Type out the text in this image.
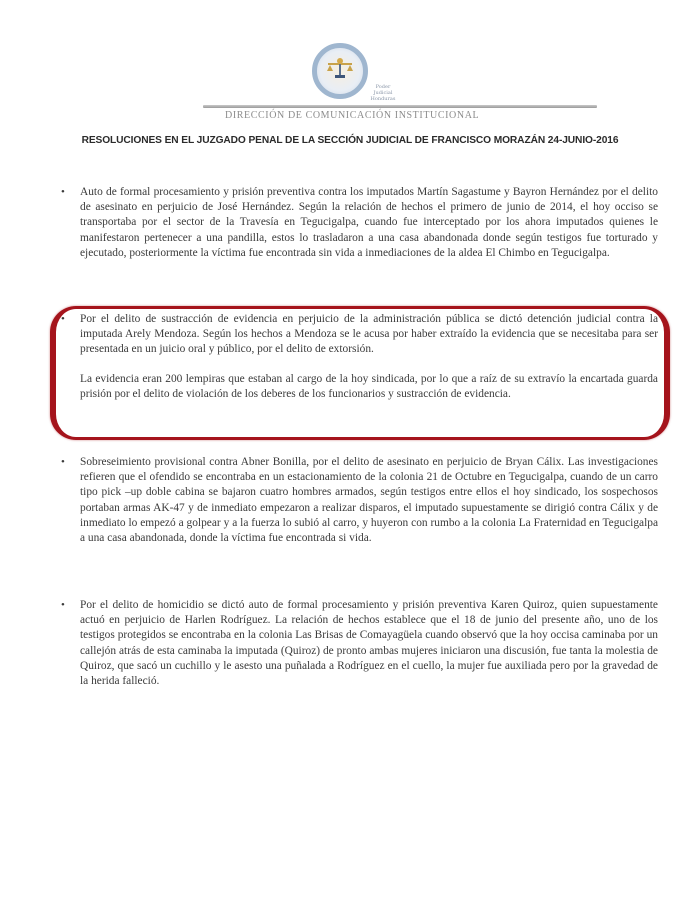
Poder Judicial Honduras
DIRECCIÓN DE COMUNICACIÓN INSTITUCIONAL
RESOLUCIONES EN EL JUZGADO PENAL DE LA SECCIÓN JUDICIAL DE FRANCISCO MORAZÁN 24-JUNIO-2016
• Auto de formal procesamiento y prisión preventiva contra los imputados Martín Sagastume y Bayron Hernández por el delito de asesinato en perjuicio de José Hernández. Según la relación de hechos el primero de junio de 2014, el hoy occiso se transportaba por el sector de la Travesía en Tegucigalpa, cuando fue interceptado por los ahora imputados quienes le manifestaron pertenecer a una pandilla, estos lo trasladaron a una casa abandonada donde según testigos fue torturado y ejecutado, posteriormente la víctima fue encontrada sin vida a inmediaciones de la aldea El Chimbo en Tegucigalpa.

• Por el delito de sustracción de evidencia en perjuicio de la administración pública se dictó detención judicial contra la imputada Arely Mendoza. Según los hechos a Mendoza se le acusa por haber extraído la evidencia que se necesitaba para ser presentada en un juicio oral y público, por el delito de extorsión.

La evidencia eran 200 lempiras que estaban al cargo de la hoy sindicada, por lo que a raíz de su extravío la encartada guarda prisión por el delito de violación de los deberes de los funcionarios y sustracción de evidencia.

• Sobreseimiento provisional contra Abner Bonilla, por el delito de asesinato en perjuicio de Bryan Cálix. Las investigaciones refieren que el ofendido se encontraba en un estacionamiento de la colonia 21 de Octubre en Tegucigalpa, cuando de un carro tipo pick –up doble cabina se bajaron cuatro hombres armados, según testigos entre ellos el hoy sindicado, los sospechosos portaban armas AK-47 y de inmediato empezaron a realizar disparos, el imputado supuestamente se dirigió contra Cálix y de inmediato lo empezó a golpear y a la fuerza lo subió al carro, y huyeron con rumbo a la colonia La Fraternidad en Tegucigalpa a una casa abandonada, donde la víctima fue encontrada si vida.

• Por el delito de homicidio se dictó auto de formal procesamiento y prisión preventiva Karen Quiroz, quien supuestamente actuó en perjuicio de Harlen Rodríguez. La relación de hechos establece que el 18 de junio del presente año, uno de los testigos protegidos se encontraba en la colonia Las Brisas de Comayagüela cuando observó que la hoy occisa caminaba por un callejón atrás de esta caminaba la imputada (Quiroz) de pronto ambas mujeres iniciaron una discusión, fue tanta la molestia de Quiroz, que sacó un cuchillo y le asesto una puñalada a Rodríguez en el cuello, la mujer fue auxiliada pero por la gravedad de la herida falleció.
